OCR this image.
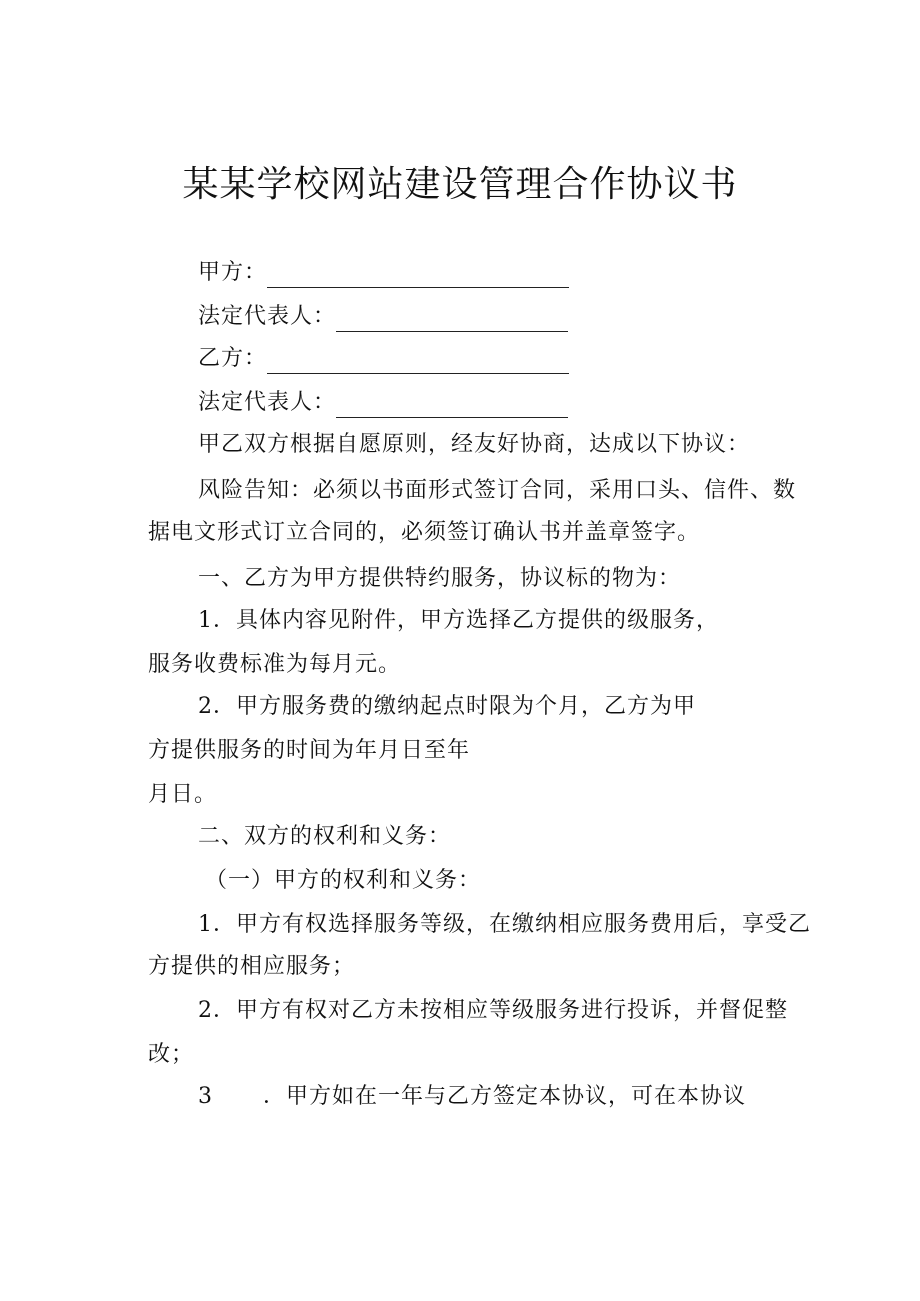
某某学校网站建设管理合作协议书
甲方：
法定代表人：
乙方：
法定代表人：
甲乙双方根据自愿原则，经友好协商，达成以下协议：
风险告知：必须以书面形式签订合同，采用口头、信件、数
据电文形式订立合同的，必须签订确认书并盖章签字。
一、乙方为甲方提供特约服务，协议标的物为：
1．具体内容见附件，甲方选择乙方提供的级服务，
服务收费标准为每月元。
2．甲方服务费的缴纳起点时限为个月，乙方为甲
方提供服务的时间为年月日至年
月日。
二、双方的权利和义务：
（一）甲方的权利和义务：
1．甲方有权选择服务等级，在缴纳相应服务费用后，享受乙
方提供的相应服务；
2．甲方有权对乙方未按相应等级服务进行投诉，并督促整
改；
3 ．甲方如在一年与乙方签定本协议，可在本协议
